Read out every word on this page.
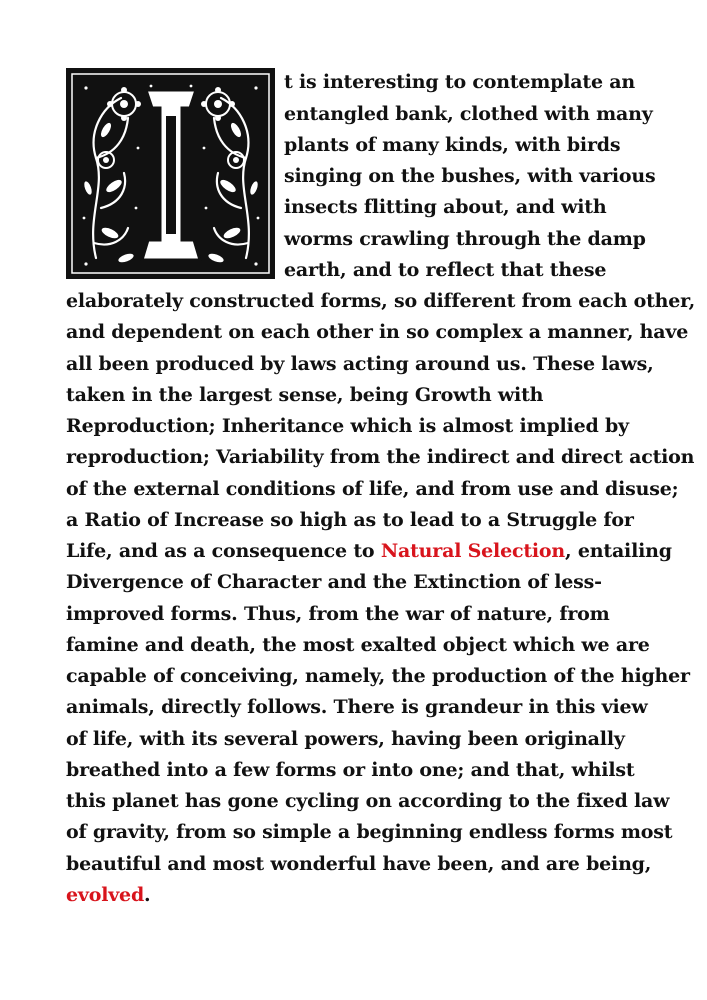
t is interesting to contemplate an
entangled bank, clothed with many
plants of many kinds, with birds
singing on the bushes, with various
insects flitting about, and with
worms crawling through the damp
earth, and to reflect that these
elaborately constructed forms, so different from each other,
and dependent on each other in so complex a manner, have
all been produced by laws acting around us. These laws,
taken in the largest sense, being Growth with
Reproduction; Inheritance which is almost implied by
reproduction; Variability from the indirect and direct action
of the external conditions of life, and from use and disuse;
a Ratio of Increase so high as to lead to a Struggle for
Life, and as a consequence to Natural Selection, entailing
Divergence of Character and the Extinction of less-
improved forms. Thus, from the war of nature, from
famine and death, the most exalted object which we are
capable of conceiving, namely, the production of the higher
animals, directly follows. There is grandeur in this view
of life, with its several powers, having been originally
breathed into a few forms or into one; and that, whilst
this planet has gone cycling on according to the fixed law
of gravity, from so simple a beginning endless forms most
beautiful and most wonderful have been, and are being,
evolved.
